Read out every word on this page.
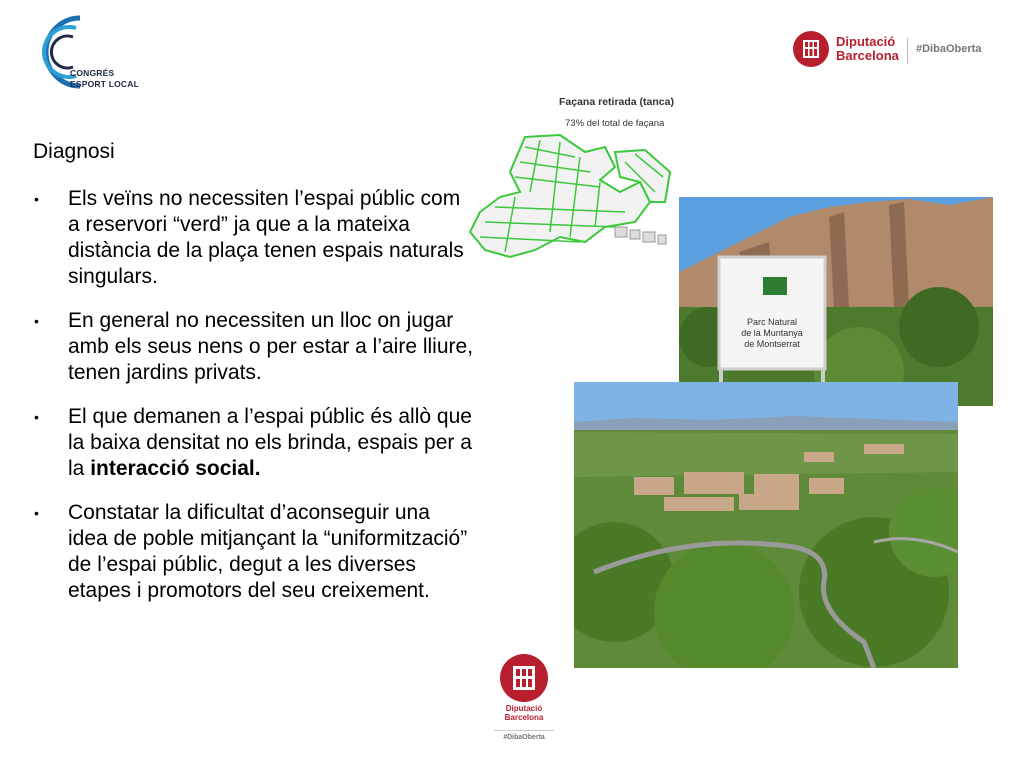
CONGRÉS
ESPORT LOCAL
Diputació
Barcelona #DibaOberta
Diagnosi
• Els veïns no necessiten l’espai públic com a reservori “verd” ja que a la mateixa distància de la plaça tenen espais naturals singulars.
• En general no necessiten un lloc on jugar amb els seus nens o per estar a l’aire lliure, tenen jardins privats.
• El que demanen a l’espai públic és allò que la baixa densitat no els brinda, espais per a la interacció social.
• Constatar la dificultat d’aconseguir una idea de poble mitjançant la “uniformització” de l’espai públic, degut a les diverses etapes i promotors del seu creixement.
Façana retirada (tanca)
73% del total de façana
Parc Natural
de la Muntanya
de Montserrat
Diputació
Barcelona
#DibaOberta
